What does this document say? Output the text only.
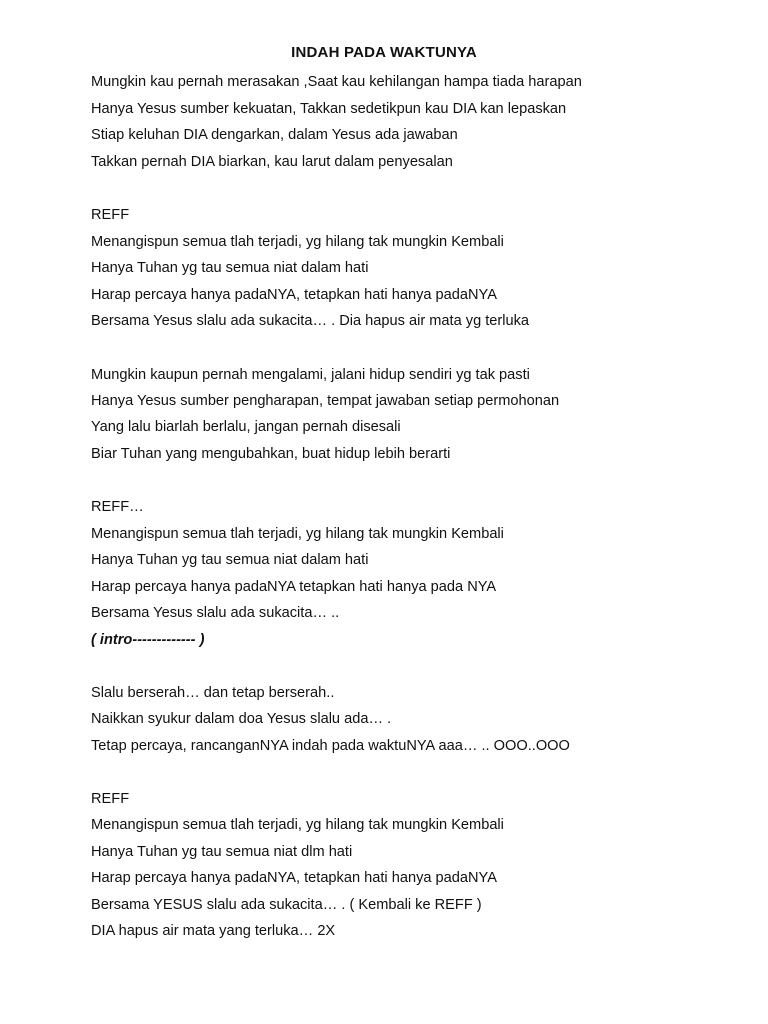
INDAH PADA WAKTUNYA
Mungkin kau pernah merasakan ,Saat kau kehilangan hampa tiada harapan
Hanya Yesus sumber kekuatan, Takkan sedetikpun kau DIA kan lepaskan
Stiap keluhan DIA dengarkan, dalam Yesus ada jawaban
Takkan pernah DIA biarkan, kau larut dalam penyesalan
REFF
Menangispun semua tlah terjadi, yg hilang tak mungkin Kembali
Hanya Tuhan yg tau semua niat dalam hati
Harap percaya hanya padaNYA, tetapkan hati hanya padaNYA
Bersama Yesus slalu ada sukacita… . Dia hapus air mata yg terluka
Mungkin kaupun pernah mengalami, jalani hidup sendiri yg tak pasti
Hanya Yesus sumber pengharapan, tempat jawaban setiap permohonan
Yang lalu biarlah berlalu, jangan pernah disesali
Biar Tuhan yang mengubahkan, buat hidup lebih berarti
REFF…
Menangispun semua tlah terjadi, yg hilang tak mungkin Kembali
Hanya Tuhan yg tau semua niat dalam hati
Harap percaya hanya padaNYA tetapkan hati hanya pada NYA
Bersama Yesus slalu ada sukacita… ..
( intro------------- )
Slalu berserah… dan tetap berserah..
Naikkan syukur dalam doa Yesus slalu ada… .
Tetap percaya, rancanganNYA indah pada waktuNYA aaa… .. OOO..OOO
REFF
Menangispun semua tlah terjadi, yg hilang tak mungkin Kembali
Hanya Tuhan yg tau semua niat dlm hati
Harap percaya hanya padaNYA, tetapkan hati hanya padaNYA
Bersama YESUS slalu ada sukacita… . ( Kembali ke REFF )
DIA hapus air mata yang terluka… 2X
